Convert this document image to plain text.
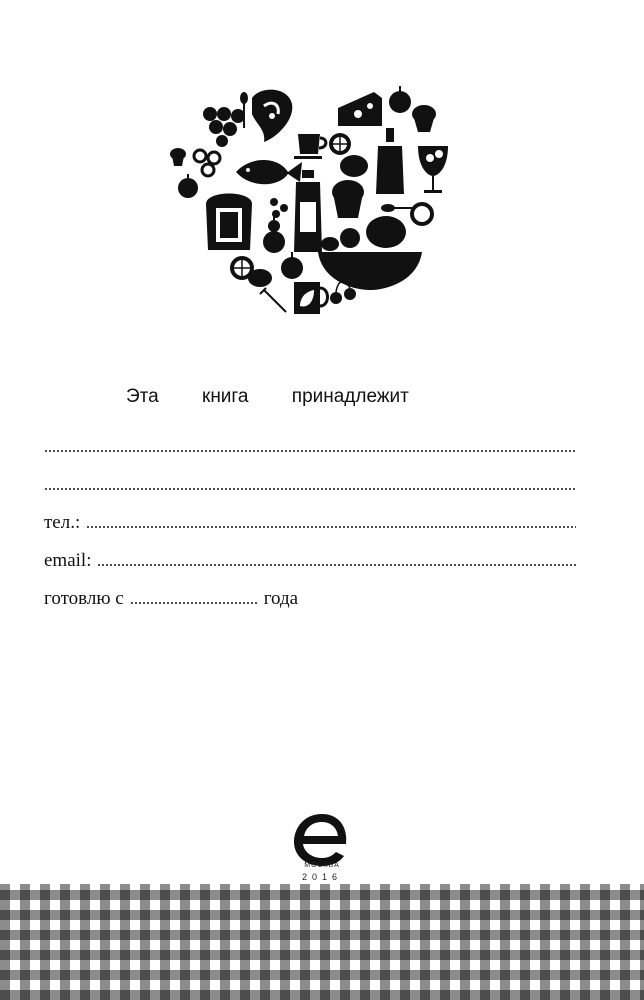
Эта книга принадлежит
тел.:
email:
готовлю с	года
МОСКВА
2016
